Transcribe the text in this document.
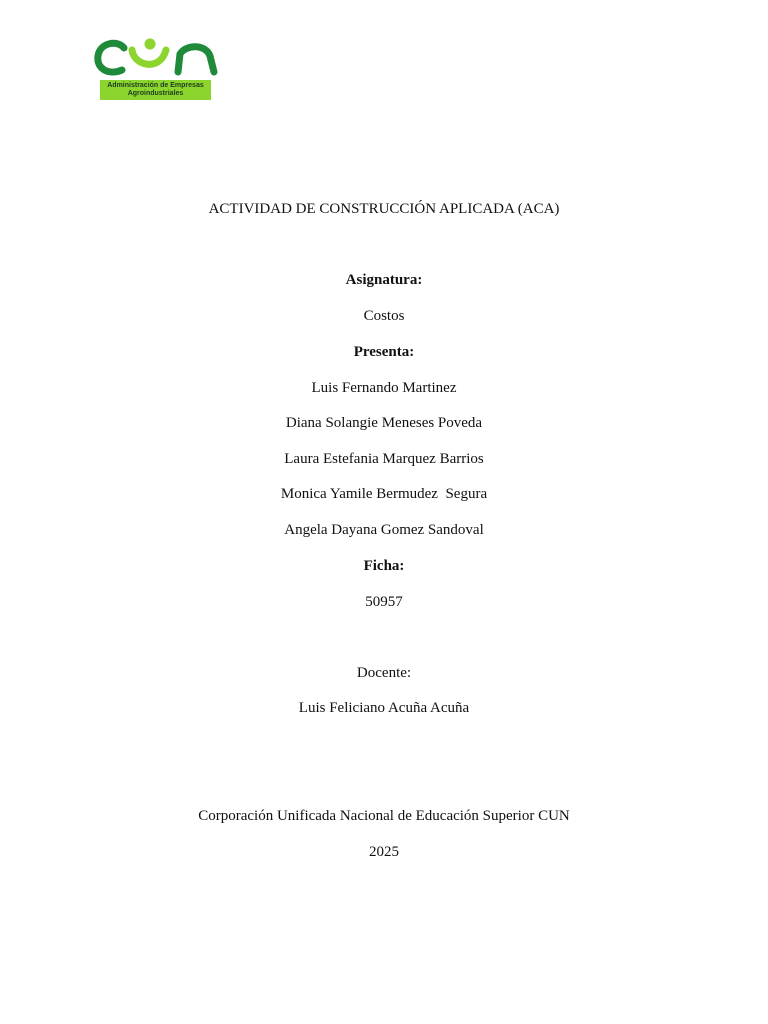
Administración de Empresas
Agroindustriales
ACTIVIDAD DE CONSTRUCCIÓN APLICADA (ACA)
Asignatura:
Costos
Presenta:
Luis Fernando Martinez
Diana Solangie Meneses Poveda
Laura Estefania Marquez Barrios
Monica Yamile Bermudez  Segura
Angela Dayana Gomez Sandoval
Ficha:
50957
Docente:
Luis Feliciano Acuña Acuña
Corporación Unificada Nacional de Educación Superior CUN
2025
